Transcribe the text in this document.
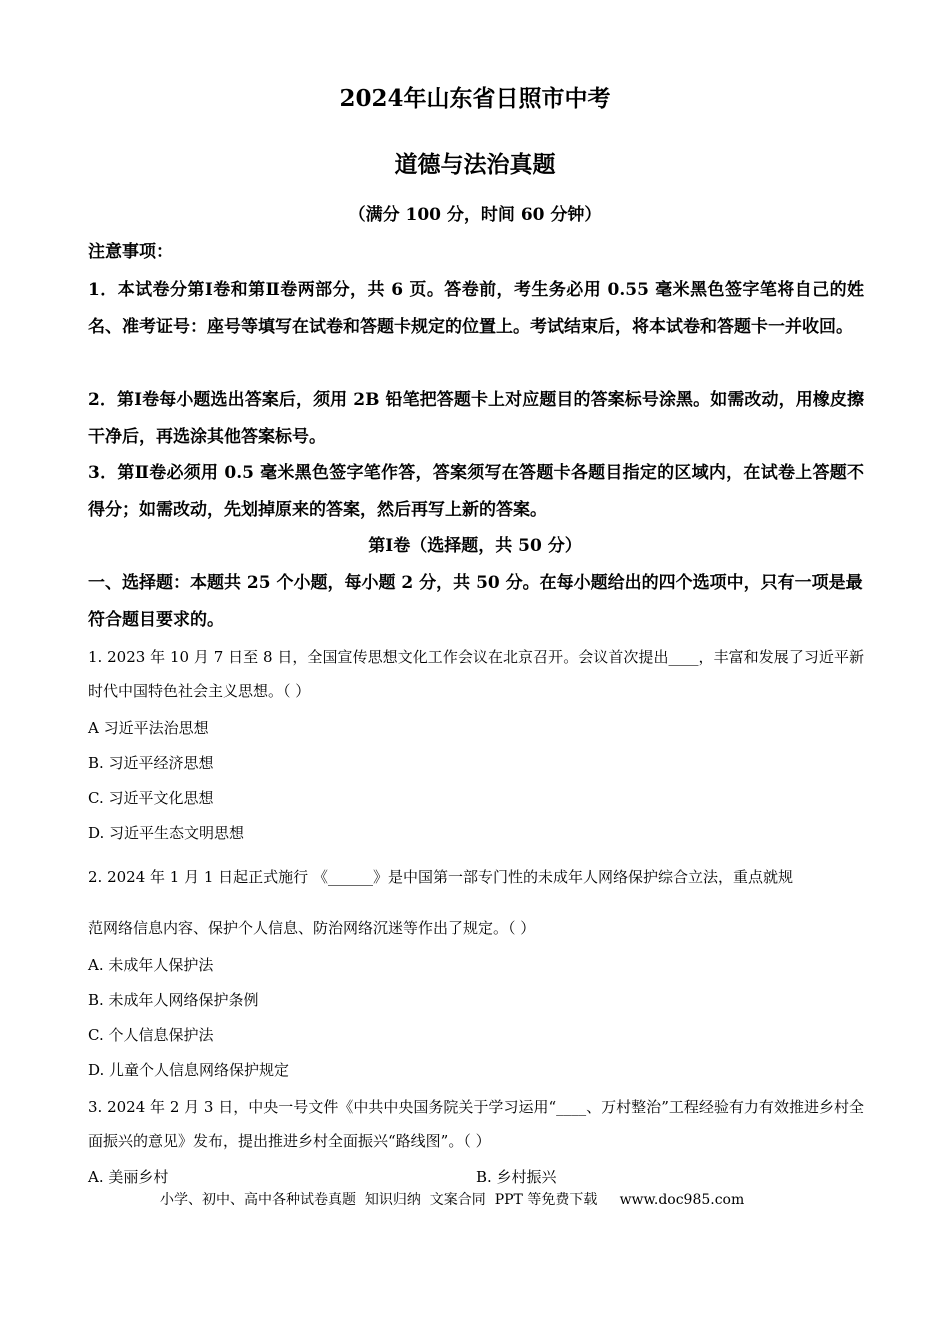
2024年山东省日照市中考
道德与法治真题
（满分 100 分，时间 60 分钟）
注意事项：

1．本试卷分第Ⅰ卷和第Ⅱ卷两部分，共 6 页。答卷前，考生务必用 0.55 毫米黑色签字笔将自己的姓名、准考证号：座号等填写在试卷和答题卡规定的位置上。考试结束后，将本试卷和答题卡一并收回。

2．第Ⅰ卷每小题选出答案后，须用 2B 铅笔把答题卡上对应题目的答案标号涂黑。如需改动，用橡皮擦干净后，再选涂其他答案标号。

3．第Ⅱ卷必须用 0.5 毫米黑色签字笔作答，答案须写在答题卡各题目指定的区域内，在试卷上答题不得分；如需改动，先划掉原来的答案，然后再写上新的答案。

第Ⅰ卷（选择题，共 50 分）

一、选择题：本题共 25 个小题，每小题 2 分，共 50 分。在每小题给出的四个选项中，只有一项是最符合题目要求的。

1. 2023 年 10 月 7 日至 8 日，全国宣传思想文化工作会议在北京召开。会议首次提出____，丰富和发展了习近平新时代中国特色社会主义思想。（ ）

A 习近平法治思想
B. 习近平经济思想
C. 习近平文化思想
D. 习近平生态文明思想

2. 2024 年 1 月 1 日起正式施行 《______》是中国第一部专门性的未成年人网络保护综合立法，重点就规
范网络信息内容、保护个人信息、防治网络沉迷等作出了规定。（ ）

A. 未成年人保护法
B. 未成年人网络保护条例
C. 个人信息保护法
D. 儿童个人信息网络保护规定

3. 2024 年 2 月 3 日，中央一号文件《中共中央国务院关于学习运用“____、万村整治”工程经验有力有效推进乡村全面振兴的意见》发布，提出推进乡村全面振兴“路线图”。（ ）

A. 美丽乡村	B. 乡村振兴
小学、初中、高中各种试卷真题  知识归纳  文案合同  PPT 等免费下载     www.doc985.com
